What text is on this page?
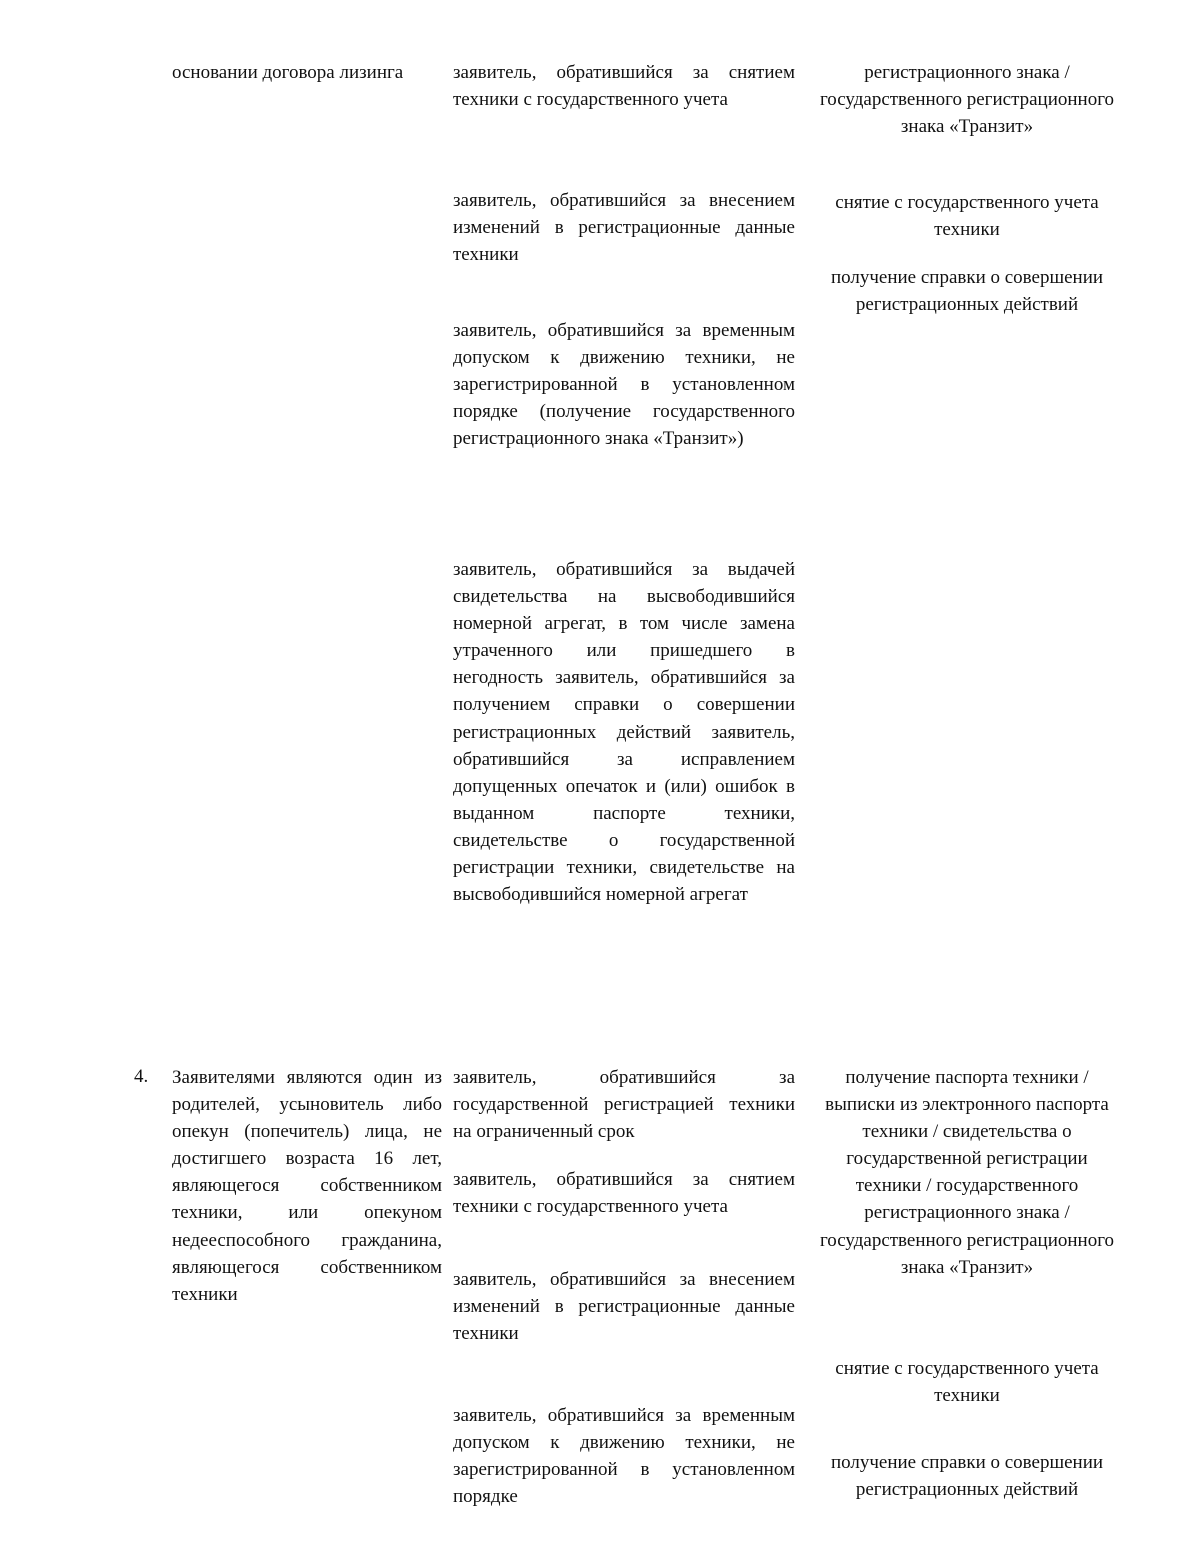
основании договора лизинга	заявитель, обратившийся за снятием техники с государственного учета

заявитель, обратившийся за внесением изменений в регистрационные данные техники

заявитель, обратившийся за временным допуском к движению техники, не зарегистрированной в установленном порядке (получение государственного регистрационного знака «Транзит»)

заявитель, обратившийся за выдачей свидетельства на высвободившийся номерной агрегат, в том числе замена утраченного или пришедшего в негодность заявитель, обратившийся за получением справки о совершении регистрационных действий заявитель, обратившийся за исправлением допущенных опечаток и (или) ошибок в выданном паспорте техники, свидетельстве о государственной регистрации техники, свидетельстве на высвободившийся номерной агрегат

регистрационного знака / государственного регистрационного знака «Транзит»

снятие с государственного учета техники

получение справки о совершении регистрационных действий

4.	Заявителями являются один из родителей, усыновитель либо опекун (попечитель) лица, не достигшего возраста 16 лет, являющегося собственником техники, или опекуном недееспособного гражданина, являющегося собственником техники

заявитель, обратившийся за государственной регистрацией техники на ограниченный срок

заявитель, обратившийся за снятием техники с государственного учета

заявитель, обратившийся за внесением изменений в регистрационные данные техники

заявитель, обратившийся за временным допуском к движению техники, не зарегистрированной в установленном порядке

получение паспорта техники / выписки из электронного паспорта техники / свидетельства о государственной регистрации техники / государственного регистрационного знака / государственного регистрационного знака «Транзит»

снятие с государственного учета техники

получение справки о совершении регистрационных действий
